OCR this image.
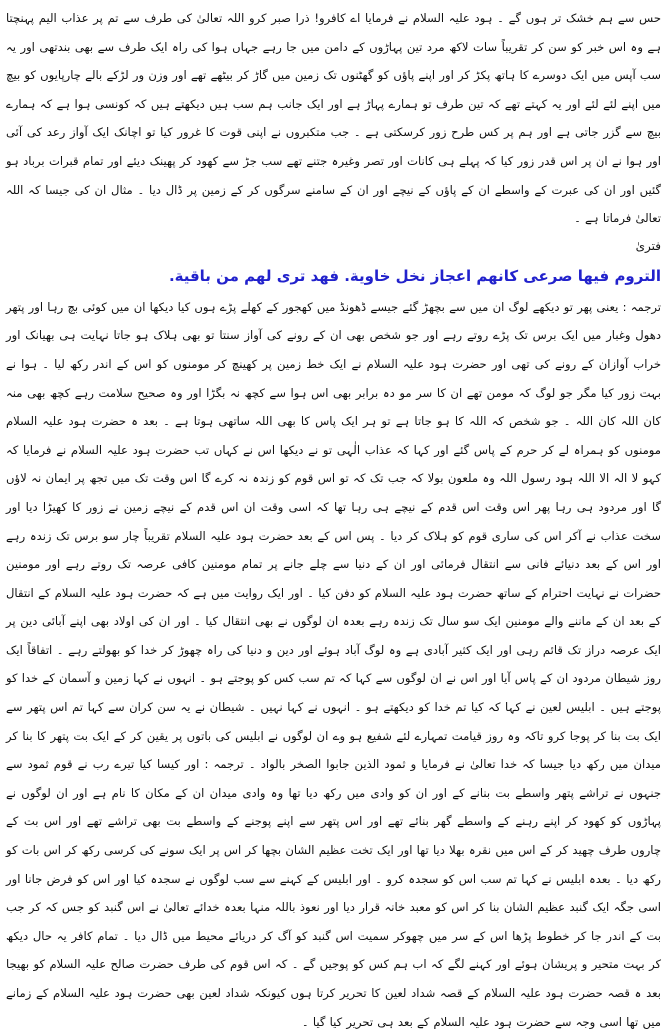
حس سے ہم خشک تر ہوں گے ۔ ہود علیہ السلام نے فرمایا اے کافرو! ذرا صبر کرو اللہ تعالیٰ کی طرف سے تم پر عذاب الیم پہنچتا ہے وہ اس خبر کو سن کر تقریباً سات لاکھ مرد تین پہاڑوں کے دامن میں جا رہے جہاں ہوا کی راہ ایک طرف سے بھی بندتھی اور یہ سب آپس میں ایک دوسرے کا ہاتھ پکڑ کر اور اپنے پاؤں کو گھٹنوں تک زمین میں گاڑ کر بیٹھے تھے اور وزن ور لڑکے بالے چارپایوں کو بیچ میں اپنے لئے لئے اور یہ کہتے تھے کہ تین طرف تو ہمارے پہاڑ ہے اور ایک جانب ہم سب ہیں دیکھتے ہیں کہ کونسی ہوا ہے کہ ہمارے بیچ سے گزر جاتی ہے اور ہم پر کس طرح زور کرسکتی ہے ۔ جب متکبروں نے اپنی قوت کا غرور کیا تو اچانک ایک آواز رعد کی آئی اور ہوا نے ان پر اس قدر زور کیا کہ پہلے ہی کانات اور تصر وغیرہ جتنے تھے سب جڑ سے کھود کر پھینک دیئے اور تمام قبرات برباد ہو گئیں اور ان کی عبرت کے واسطے ان کے پاؤں کے نیچے اور ان کے سامنے سرگوں کر کے زمین پر ڈال دیا ۔ مثال ان کی جیسا کہ اللہ تعالیٰ فرماتا ہے ۔

فتریٰ

التروم فيها صرعى كانهم اعجاز نخل خاوية. فهد ترى لهم من باقية.

ترجمہ : یعنی پھر تو دیکھے لوگ ان میں سے بچھڑ گئے جیسے ڈھونڈ میں کھجور کے کھلے پڑے ہوں کیا دیکھا ان میں کوئی بچ رہا اور پتھر دھول وغبار میں ایک برس تک پڑے روتے رہے اور جو شخص بھی ان کے رونے کی آواز سنتا تو بھی ہلاک ہو جاتا نہایت ہی بھیانک اور خراب آوازان کے رونے کی تھی اور حضرت ہود علیہ السلام نے ایک خط زمین پر کھینچ کر مومنوں کو اس کے اندر رکھ لیا ۔ ہوا نے بہت زور کیا مگر جو لوگ کہ مومن تھے ان کا سر مو دہ برابر بھی اس ہوا سے کچھ نہ بگڑا اور وہ صحیح سلامت رہے کچھ بھی منہ کان اللہ کان اللہ ۔ جو شخص کہ اللہ کا ہو جاتا ہے تو ہر ایک پاس کا بھی اللہ ساتھی ہوتا ہے ۔ بعد ہ حضرت ہود علیہ السلام مومنوں کو ہمراہ لے کر حرم کے پاس گئے اور کہا کہ عذاب الٰہی تو نے دیکھا اس نے کہاں تب حضرت ہود علیہ السلام نے فرمایا کہ کہو لا الہ الا اللہ ہود رسول اللہ وہ ملعون بولا کہ جب تک کہ تو اس قوم کو زندہ نہ کرے گا اس وقت تک میں تجھ پر ایمان نہ لاؤں گا اور مردود ہی رہا پھر اس وقت اس قدم کے نیچے ہی رہا تھا کہ اسی وقت ان اس قدم کے نیچے زمین نے زور کا کھیڑا دیا اور سخت عذاب نے آکر اس کی ساری قوم کو ہلاک کر دیا ۔ پس اس کے بعد حضرت ہود علیہ السلام تقریباً چار سو برس تک زندہ رہے اور اس کے بعد دنیائے فانی سے انتقال فرمائی اور ان کے دنیا سے چلے جانے پر تمام مومنین کافی عرصہ تک روتے رہے اور مومنین حضرات نے نہایت احترام کے ساتھ حضرت ہود علیہ السلام کو دفن کیا ۔ اور ایک روایت میں ہے کہ حضرت ہود علیہ السلام کے انتقال کے بعد ان کے ماننے والے مومنین ایک سو سال تک زندہ رہے بعدہ ان لوگوں نے بھی انتقال کیا ۔ اور ان کی اولاد بھی اپنے آبائی دین پر ایک عرصہ دراز تک قائم رہی اور ایک کثیر آبادی ہے وہ لوگ آباد ہوئے اور دین و دنیا کی راہ چھوڑ کر خدا کو بھولتے رہے ۔ اتفاقاً ایک روز شیطان مردود ان کے پاس آیا اور اس نے ان لوگوں سے کہا کہ تم سب کس کو پوجتے ہو ۔ انہوں نے کہا زمین و آسمان کے خدا کو پوجتے ہیں ۔ ابلیس لعین نے کہا کہ کیا تم خدا کو دیکھتے ہو ۔ انہوں نے کہا نہیں ۔ شیطان نے یہ سن کران سے کہا تم اس پتھر سے ایک بت بنا کر پوجا کرو تاکہ وہ روز قیامت تمہارے لئے شفیع ہو وے ان لوگوں نے ابلیس کی باتوں پر یقین کر کے ایک بت پتھر کا بنا کر میدان میں رکھ دیا جیسا کہ خدا تعالیٰ نے فرمایا و ثمود الذین جابوا الصخر بالواد ۔ ترجمہ : اور کیسا کیا تیرے رب نے قوم ثمود سے جنہوں نے تراشے پتھر واسطے بت بنانے کے اور ان کو وادی میں رکھ دیا تھا وہ وادی میدان ان کے مکان کا نام ہے اور ان لوگوں نے پہاڑوں کو کھود کر اپنے رہنے کے واسطے گھر بنائے تھے اور اس پتھر سے اپنے پوجنے کے واسطے بت بھی تراشے تھے اور اس بت کے چاروں طرف چھید کر کے اس میں نقرہ بھلا دیا تھا اور ایک تخت عظیم الشان بچھا کر اس پر ایک سونے کی کرسی رکھ کر اس بات کو رکھ دیا ۔ بعدہ ابلیس نے کہا تم سب اس کو سجدہ کرو ۔ اور ابلیس کے کہنے سے سب لوگوں نے سجدہ کیا اور اس کو فرض جانا اور اسی جگہ ایک گنبد عظیم الشان بنا کر اس کو معبد خانہ قرار دیا اور نعوذ باللہ منہا بعدہ خدائے تعالیٰ نے اس گنبد کو جس کہ کر جب بت کے اندر جا کر خطوط پڑھا اس کے سر میں چھوکر سمیت اس گنبد کو آگ کر دریائے محیط میں ڈال دیا ۔ تمام کافر یہ حال دیکھ کر بہت متحیر و پریشان ہوئے اور کہنے لگے کہ اب ہم کس کو پوجیں گے ۔ کہ اس قوم کی طرف حضرت صالح علیہ السلام کو بھیجا بعد ہ قصہ حضرت ہود علیہ السلام کے قصہ شداد لعین کا تحریر کرتا ہوں کیونکہ شداد لعین بھی حضرت ہود علیہ السلام کے زمانے میں تھا اسی وجہ سے حضرت ہود علیہ السلام کے بعد ہی تحریر کیا گیا ۔
